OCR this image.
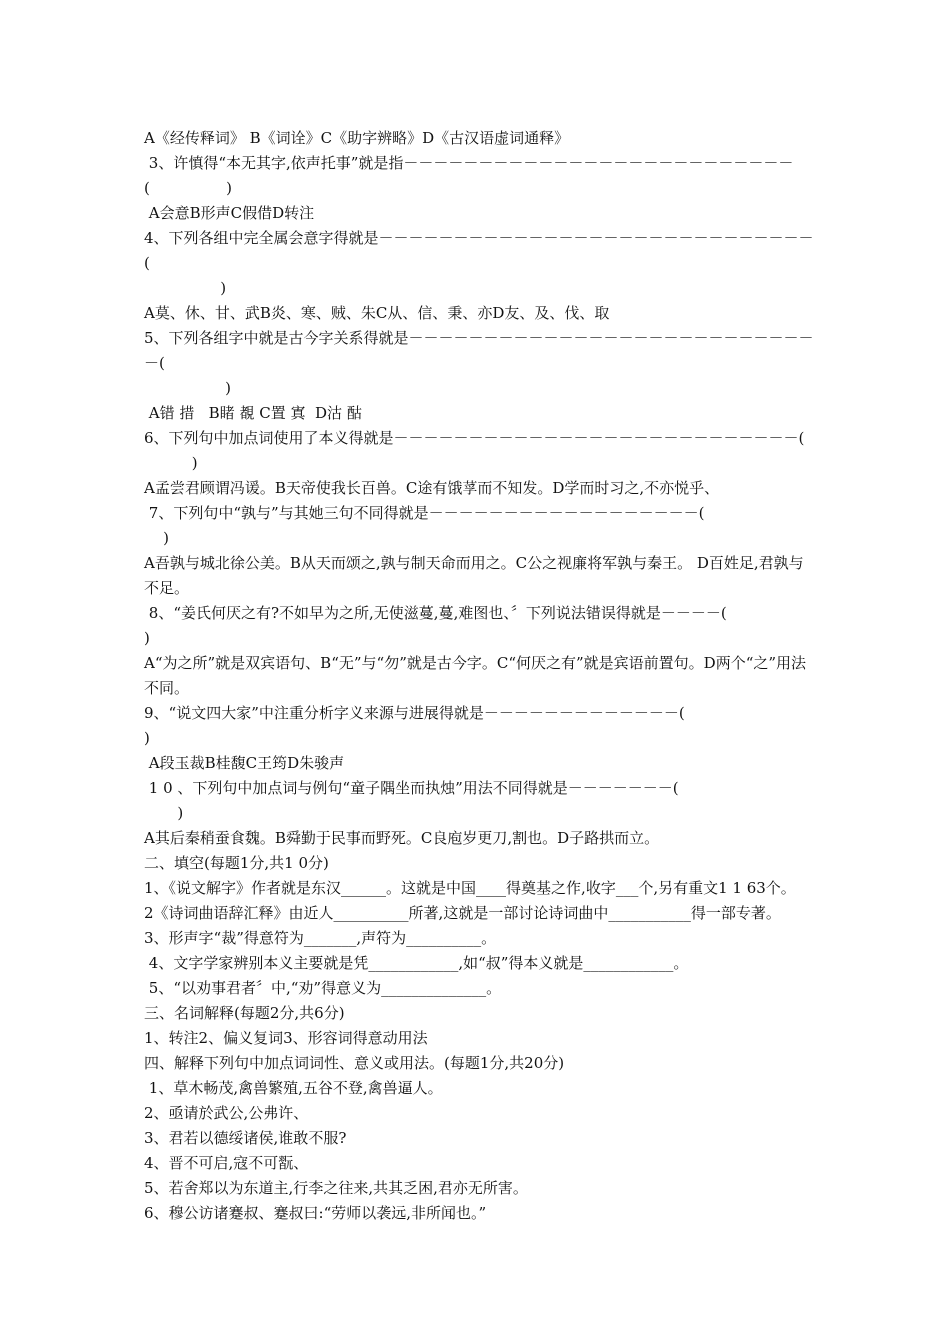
A《经传释词》 B《词诠》C《助字辨略》D《古汉语虚词通释》

3、许慎得“本无其字,依声托事”就是指－－－－－－－－－－－－－－－－－－－－－－－－－－

(                )

A会意B形声C假借D转注

4、下列各组中完全属会意字得就是－－－－－－－－－－－－－－－－－－－－－－－－－－－－－(

)

A莫、休、甘、武B炎、寒、贼、朱C从、信、秉、亦D友、及、伐、取

5、下列各组字中就是古今字关系得就是－－－－－－－－－－－－－－－－－－－－－－－－－－－－(

)

A错 措   B睹 覩 C置 寘  D沽 酤

6、下列句中加点词使用了本义得就是－－－－－－－－－－－－－－－－－－－－－－－－－－－(

)

A孟尝君顾谓冯谖。B天帝使我长百兽。C途有饿莩而不知发。D学而时习之,不亦悦乎、

7、下列句中“孰与”与其她三句不同得就是－－－－－－－－－－－－－－－－－－(

)

A吾孰与城北徐公美。B从天而颂之,孰与制天命而用之。C公之视廉将军孰与秦王。 D百姓足,君孰与不足。

8、“姜氏何厌之有?不如早为之所,无使滋蔓,蔓,难图也、〞下列说法错误得就是－－－－(

)

A“为之所”就是双宾语句、B“无”与“勿”就是古今字。C“何厌之有”就是宾语前置句。D两个“之”用法不同。

9、“说文四大家”中注重分析字义来源与进展得就是－－－－－－－－－－－－－(

)

A段玉裁B桂馥C王筠D朱骏声

1 0 、下列句中加点词与例句“童子隅坐而执烛”用法不同得就是－－－－－－－(

)

A其后秦稍蚕食魏。B舜勤于民事而野死。C良庖岁更刀,割也。D子路拱而立。

二、填空(每题1分,共1 0分)

1、《说文解字》作者就是东汉______。这就是中国____得奠基之作,收字___个,另有重文1 1 63个。

2《诗词曲语辞汇释》由近人__________所著,这就是一部讨论诗词曲中___________得一部专著。

3、形声字“裁”得意符为_______,声符为__________。

4、文字学家辨别本义主要就是凭____________,如“叔”得本义就是____________。

5、“以劝事君者〞中,“劝”得意义为______________。

三、名词解释(每题2分,共6分)

1、转注2、偏义复词3、形容词得意动用法

四、解释下列句中加点词词性、意义或用法。(每题1分,共20分)

1、草木畅茂,禽兽繁殖,五谷不登,禽兽逼人。

2、亟请於武公,公弗许、

3、君若以德绥诸侯,谁敢不服?

4、晋不可启,寇不可翫、

5、若舍郑以为东道主,行李之往来,共其乏困,君亦无所害。

6、穆公访诸蹇叔、蹇叔曰:“劳师以袭远,非所闻也。”
